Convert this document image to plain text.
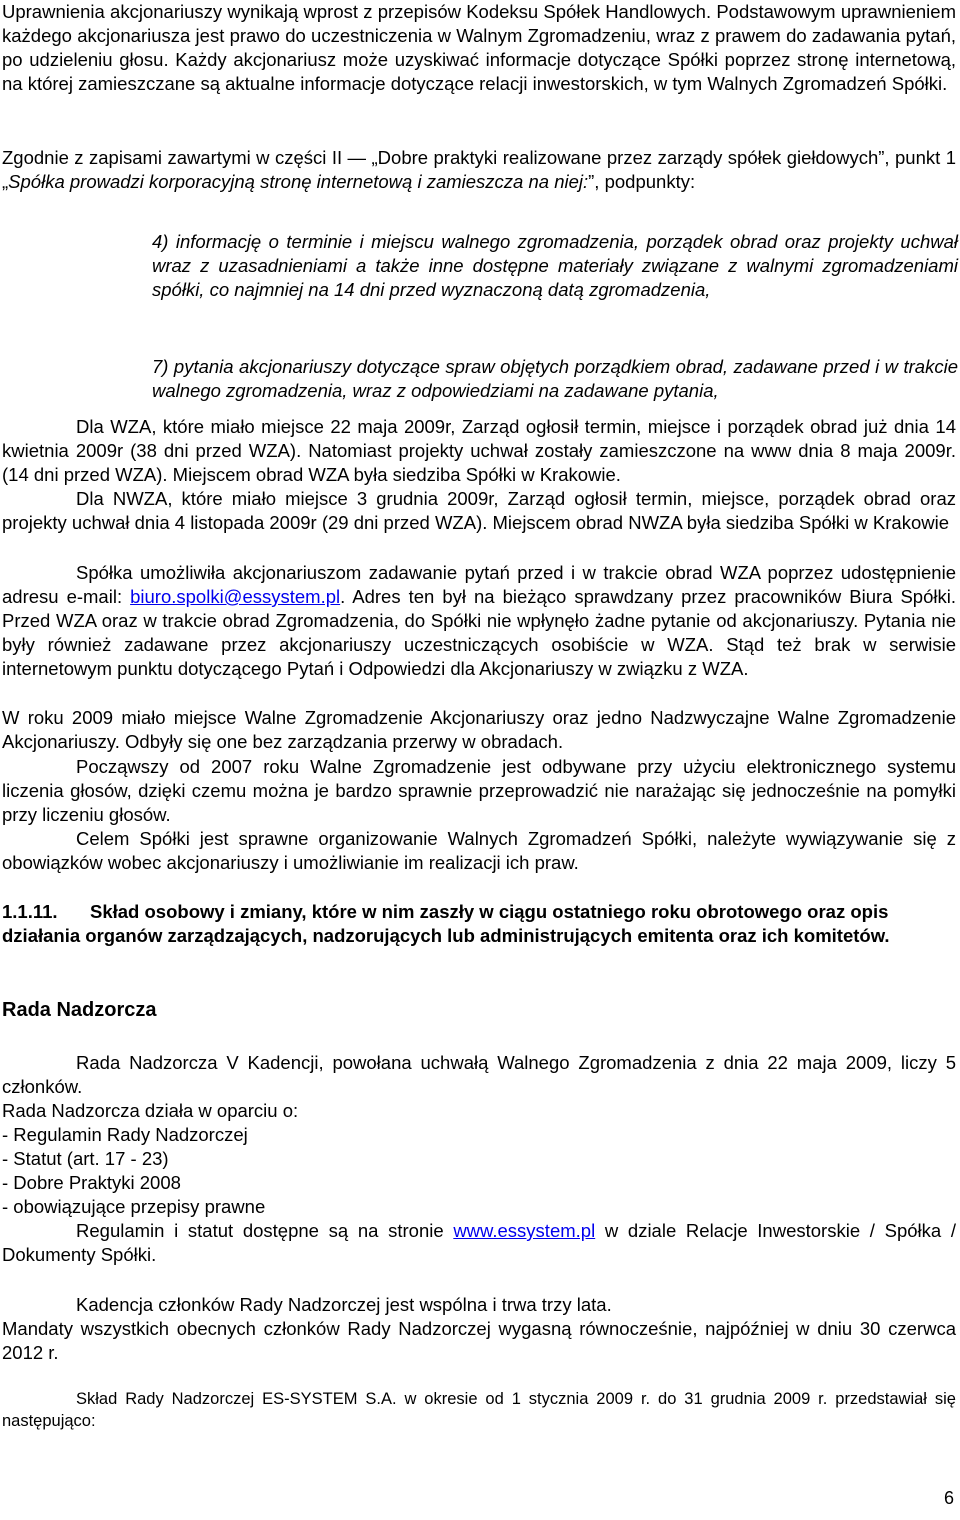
Uprawnienia akcjonariuszy wynikają wprost z przepisów Kodeksu Spółek Handlowych. Podstawowym uprawnieniem każdego akcjonariusza jest prawo do uczestniczenia w Walnym Zgromadzeniu, wraz z prawem do zadawania pytań, po udzieleniu głosu. Każdy akcjonariusz może uzyskiwać informacje dotyczące Spółki poprzez stronę internetową, na której zamieszczane są aktualne informacje dotyczące relacji inwestorskich, w tym Walnych Zgromadzeń Spółki.

Zgodnie z zapisami zawartymi w części II — „Dobre praktyki realizowane przez zarządy spółek giełdowych”, punkt 1 „Spółka prowadzi korporacyjną stronę internetową i zamieszcza na niej:”, podpunkty:

4) informację o terminie i miejscu walnego zgromadzenia, porządek obrad oraz projekty uchwał wraz z uzasadnieniami a także inne dostępne materiały związane z walnymi zgromadzeniami spółki, co najmniej na 14 dni przed wyznaczoną datą zgromadzenia,

7) pytania akcjonariuszy dotyczące spraw objętych porządkiem obrad, zadawane przed i w trakcie walnego zgromadzenia, wraz z odpowiedziami na zadawane pytania,

Dla WZA, które miało miejsce 22 maja 2009r, Zarząd ogłosił termin, miejsce i porządek obrad już dnia 14 kwietnia 2009r (38 dni przed WZA). Natomiast projekty uchwał zostały zamieszczone na www dnia 8 maja 2009r. (14 dni przed WZA). Miejscem obrad WZA była siedziba Spółki w Krakowie.

Dla NWZA, które miało miejsce 3 grudnia 2009r, Zarząd ogłosił termin, miejsce, porządek obrad oraz projekty uchwał dnia 4 listopada 2009r (29 dni przed WZA). Miejscem obrad NWZA była siedziba Spółki w Krakowie

Spółka umożliwiła akcjonariuszom zadawanie pytań przed i w trakcie obrad WZA poprzez udostępnienie adresu e-mail: biuro.spolki@essystem.pl. Adres ten był na bieżąco sprawdzany przez pracowników Biura Spółki. Przed WZA oraz w trakcie obrad Zgromadzenia, do Spółki nie wpłynęło żadne pytanie od akcjonariuszy. Pytania nie były również zadawane przez akcjonariuszy uczestniczących osobiście w WZA. Stąd też brak w serwisie internetowym punktu dotyczącego Pytań i Odpowiedzi dla Akcjonariuszy w związku z WZA.

W roku 2009 miało miejsce Walne Zgromadzenie Akcjonariuszy oraz jedno Nadzwyczajne Walne Zgromadzenie Akcjonariuszy. Odbyły się one bez zarządzania przerwy w obradach.

Począwszy od 2007 roku Walne Zgromadzenie jest odbywane przy użyciu elektronicznego systemu liczenia głosów, dzięki czemu można je bardzo sprawnie przeprowadzić nie narażając się jednocześnie na pomyłki przy liczeniu głosów.

Celem Spółki jest sprawne organizowanie Walnych Zgromadzeń Spółki, należyte wywiązywanie się z obowiązków wobec akcjonariuszy i umożliwianie im realizacji ich praw.

1.1.11. Skład osobowy i zmiany, które w nim zaszły w ciągu ostatniego roku obrotowego oraz opis działania organów zarządzających, nadzorujących lub administrujących emitenta oraz ich komitetów.

Rada Nadzorcza

Rada Nadzorcza V Kadencji, powołana uchwałą Walnego Zgromadzenia z dnia 22 maja 2009, liczy 5 członków.

Rada Nadzorcza działa w oparciu o:

- Regulamin Rady Nadzorczej

- Statut (art. 17 - 23)

- Dobre Praktyki 2008

- obowiązujące przepisy prawne

Regulamin i statut dostępne są na stronie www.essystem.pl w dziale Relacje Inwestorskie / Spółka / Dokumenty Spółki.

Kadencja członków Rady Nadzorczej jest wspólna i trwa trzy lata.

Mandaty wszystkich obecnych członków Rady Nadzorczej wygasną równocześnie, najpóźniej w dniu 30 czerwca 2012 r.

Skład Rady Nadzorczej ES-SYSTEM S.A. w okresie od 1 stycznia 2009 r. do 31 grudnia 2009 r. przedstawiał się następująco:

6
